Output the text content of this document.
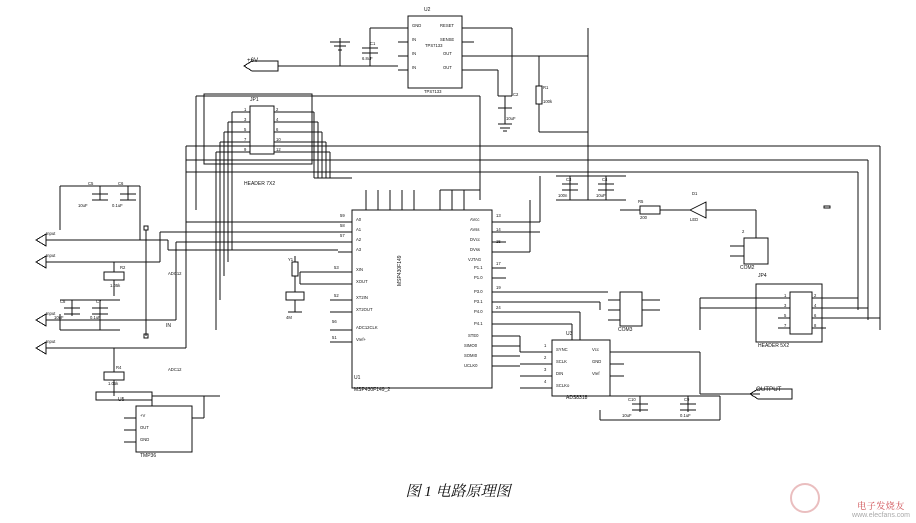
U2
GND
IN
IN
IN
RESET
SENSE
OUT
OUT
TPS7133
TPS7133
C1
6.8uF
C2
10uF
R1
100k
+6V
JP1
1
3
5
7
9
2
4
6
10
12
HEADER 7X2
C6
C5
10uF	0.1uF
Input
Input
Input
Input
R2
1.05k
R4
1.05k
C8	C7
10uF	0.1uF
IN
ADC12
ADC12
U5
+V
OUT
GND
TMP36
Y1
4M
A0
A1
A2
A3
XIN
XOUT
XT2IN
XT2OUT
ADC12CLK
Vref+
AVcc
AVss
DVcc
DVss
VJTAG
P1.1
P1.0
P3.0
P3.1
P4.0
P4.1
STE0
SIMO0
SOMI0
UCLK0
59
58
57
53
52
56
51
13
14
15
17
19
24
U1
MSP430F149_2
MSP430F149
C3	C4
100n	10uF
R5
200
D1
LED
2
COM2
COM3
U3
SYNC
SCLK
DIN
SCLKo
Vcc
GND
Vref
ADS8318
1
2
3
4
C10	C9
10uF	0.1uF
OUTPUT
JP4
1
3
5
7
2
4
6
8
HEADER 5X2
图 1 电路原理图
电子发烧友
www.elecfans.com
